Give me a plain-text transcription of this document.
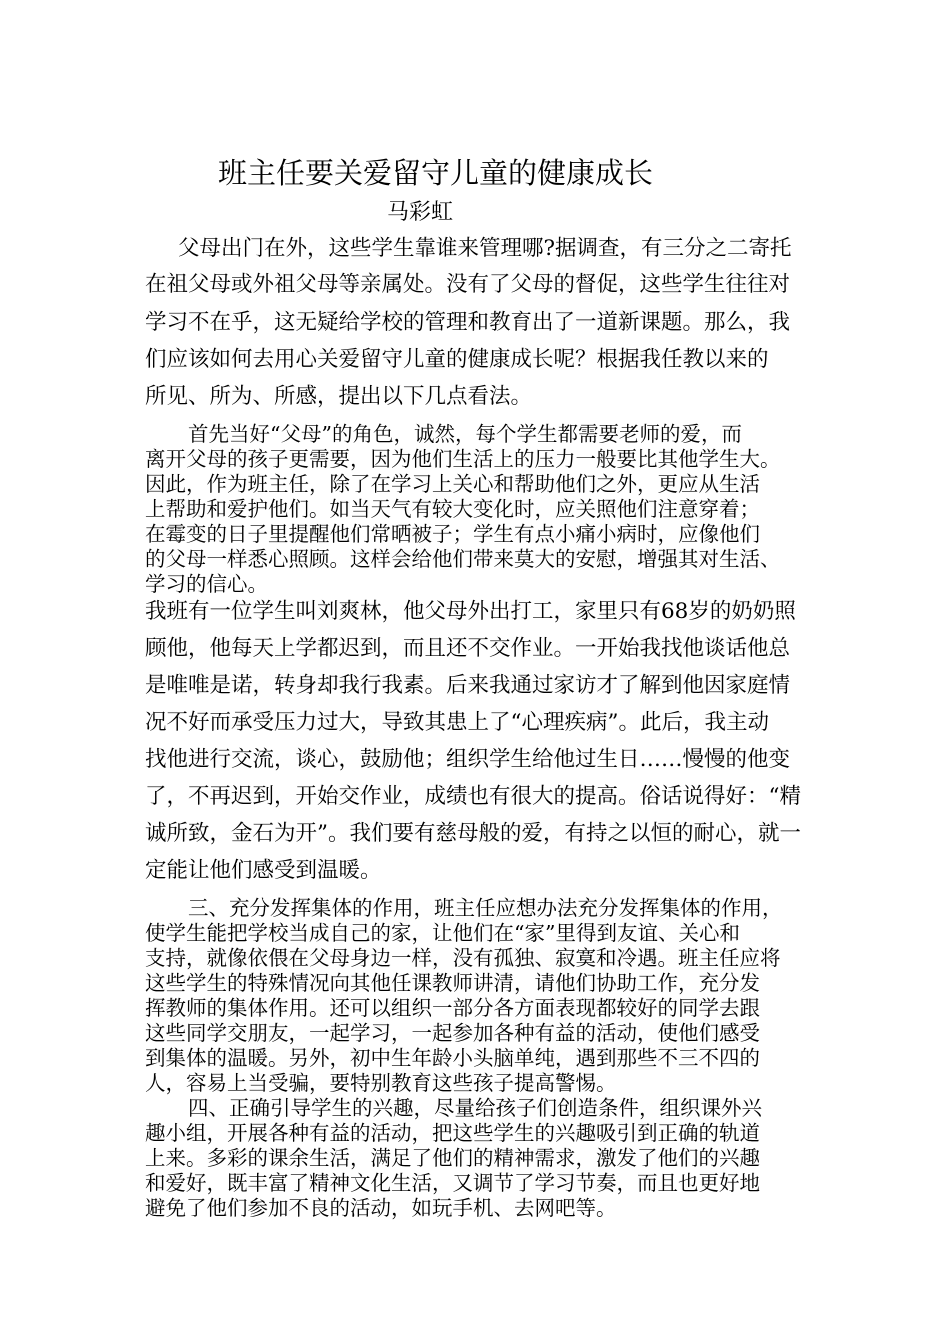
班主任要关爱留守儿童的健康成长

马彩虹

父母出门在外，这些学生靠谁来管理哪?据调查，有三分之二寄托

在祖父母或外祖父母等亲属处。没有了父母的督促，这些学生往往对

学习不在乎，这无疑给学校的管理和教育出了一道新课题。那么，我

们应该如何去用心关爱留守儿童的健康成长呢？根据我任教以来的

所见、所为、所感，提出以下几点看法。

首先当好“父母”的角色，诚然，每个学生都需要老师的爱，而

离开父母的孩子更需要，因为他们生活上的压力一般要比其他学生大。

因此，作为班主任，除了在学习上关心和帮助他们之外，更应从生活

上帮助和爱护他们。如当天气有较大变化时，应关照他们注意穿着；

在霉变的日子里提醒他们常晒被子；学生有点小痛小病时，应像他们

的父母一样悉心照顾。这样会给他们带来莫大的安慰，增强其对生活、

学习的信心。

我班有一位学生叫刘爽林，他父母外出打工，家里只有68岁的奶奶照

顾他，他每天上学都迟到，而且还不交作业。一开始我找他谈话他总

是唯唯是诺，转身却我行我素。后来我通过家访才了解到他因家庭情

况不好而承受压力过大，导致其患上了“心理疾病”。此后，我主动

找他进行交流，谈心，鼓励他；组织学生给他过生日……慢慢的他变

了，不再迟到，开始交作业，成绩也有很大的提高。俗话说得好：“精

诚所致，金石为开”。我们要有慈母般的爱，有持之以恒的耐心，就一

定能让他们感受到温暖。

三、充分发挥集体的作用，班主任应想办法充分发挥集体的作用，

使学生能把学校当成自己的家，让他们在“家”里得到友谊、关心和

支持，就像依偎在父母身边一样，没有孤独、寂寞和冷遇。班主任应将

这些学生的特殊情况向其他任课教师讲清，请他们协助工作，充分发

挥教师的集体作用。还可以组织一部分各方面表现都较好的同学去跟

这些同学交朋友，一起学习，一起参加各种有益的活动，使他们感受

到集体的温暖。另外，初中生年龄小头脑单纯，遇到那些不三不四的

人，容易上当受骗，要特别教育这些孩子提高警惕。

四、正确引导学生的兴趣，尽量给孩子们创造条件，组织课外兴

趣小组，开展各种有益的活动，把这些学生的兴趣吸引到正确的轨道

上来。多彩的课余生活，满足了他们的精神需求，激发了他们的兴趣

和爱好，既丰富了精神文化生活，又调节了学习节奏，而且也更好地

避免了他们参加不良的活动，如玩手机、去网吧等。
